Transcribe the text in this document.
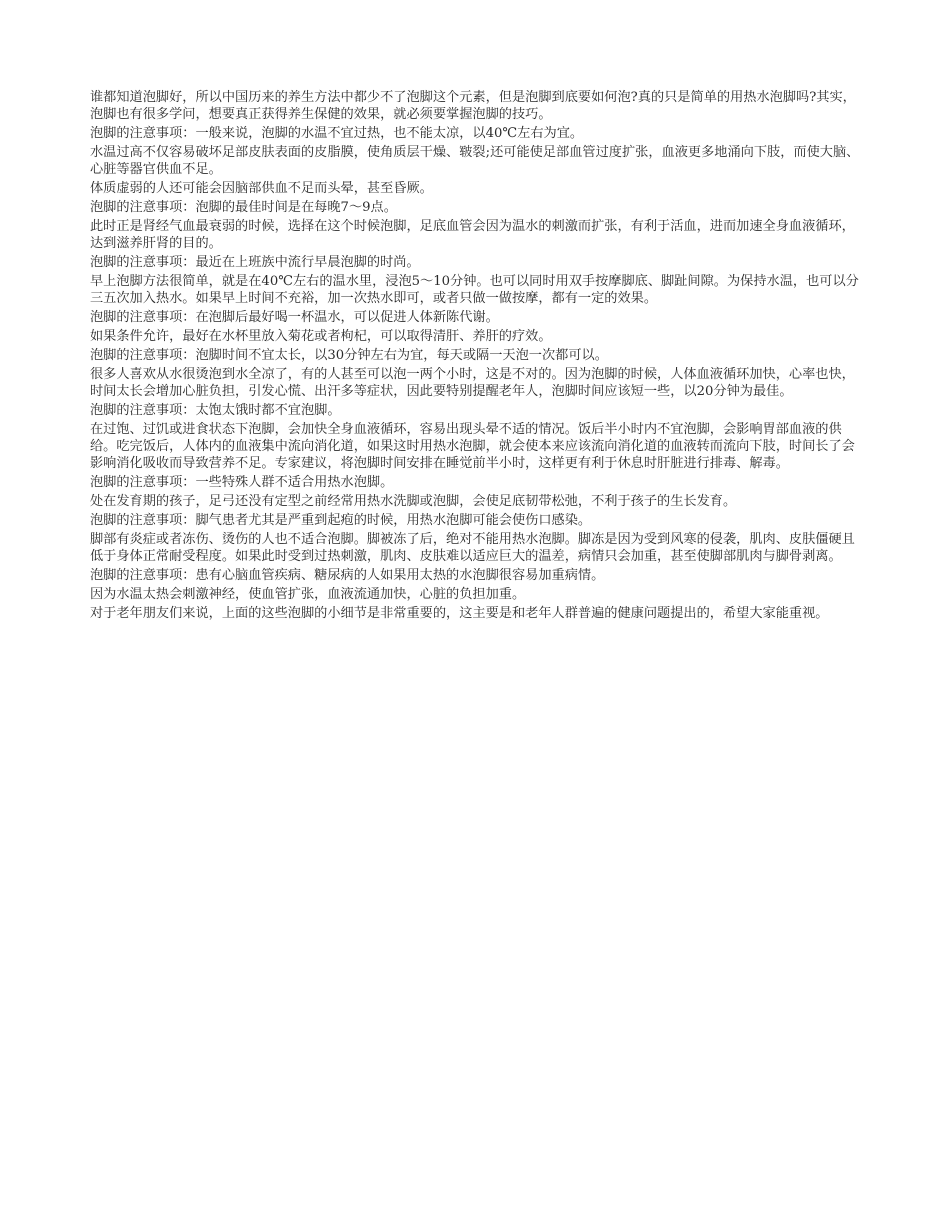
谁都知道泡脚好，所以中国历来的养生方法中都少不了泡脚这个元素，但是泡脚到底要如何泡?真的只是简单的用热水泡脚吗?其实，泡脚也有很多学问，想要真正获得养生保健的效果，就必须要掌握泡脚的技巧。

泡脚的注意事项：一般来说，泡脚的水温不宜过热，也不能太凉，以40℃左右为宜。

水温过高不仅容易破坏足部皮肤表面的皮脂膜，使角质层干燥、皲裂;还可能使足部血管过度扩张，血液更多地涌向下肢，而使大脑、心脏等器官供血不足。

体质虚弱的人还可能会因脑部供血不足而头晕，甚至昏厥。

泡脚的注意事项：泡脚的最佳时间是在每晚7～9点。

此时正是肾经气血最衰弱的时候，选择在这个时候泡脚，足底血管会因为温水的刺激而扩张，有利于活血，进而加速全身血液循环，达到滋养肝肾的目的。

泡脚的注意事项：最近在上班族中流行早晨泡脚的时尚。

早上泡脚方法很简单，就是在40℃左右的温水里，浸泡5～10分钟。也可以同时用双手按摩脚底、脚趾间隙。为保持水温，也可以分三五次加入热水。如果早上时间不充裕，加一次热水即可，或者只做一做按摩，都有一定的效果。

泡脚的注意事项：在泡脚后最好喝一杯温水，可以促进人体新陈代谢。

如果条件允许，最好在水杯里放入菊花或者枸杞，可以取得清肝、养肝的疗效。

泡脚的注意事项：泡脚时间不宜太长，以30分钟左右为宜，每天或隔一天泡一次都可以。

很多人喜欢从水很烫泡到水全凉了，有的人甚至可以泡一两个小时，这是不对的。因为泡脚的时候，人体血液循环加快，心率也快，时间太长会增加心脏负担，引发心慌、出汗多等症状，因此要特别提醒老年人，泡脚时间应该短一些，以20分钟为最佳。

泡脚的注意事项：太饱太饿时都不宜泡脚。

在过饱、过饥或进食状态下泡脚，会加快全身血液循环，容易出现头晕不适的情况。饭后半小时内不宜泡脚，会影响胃部血液的供给。吃完饭后，人体内的血液集中流向消化道，如果这时用热水泡脚，就会使本来应该流向消化道的血液转而流向下肢，时间长了会影响消化吸收而导致营养不足。专家建议，将泡脚时间安排在睡觉前半小时，这样更有利于休息时肝脏进行排毒、解毒。

泡脚的注意事项：一些特殊人群不适合用热水泡脚。

处在发育期的孩子，足弓还没有定型之前经常用热水洗脚或泡脚，会使足底韧带松弛，不利于孩子的生长发育。

泡脚的注意事项：脚气患者尤其是严重到起疱的时候，用热水泡脚可能会使伤口感染。

脚部有炎症或者冻伤、烫伤的人也不适合泡脚。脚被冻了后，绝对不能用热水泡脚。脚冻是因为受到风寒的侵袭，肌肉、皮肤僵硬且低于身体正常耐受程度。如果此时受到过热刺激，肌肉、皮肤难以适应巨大的温差，病情只会加重，甚至使脚部肌肉与脚骨剥离。

泡脚的注意事项：患有心脑血管疾病、糖尿病的人如果用太热的水泡脚很容易加重病情。

因为水温太热会刺激神经，使血管扩张，血液流通加快，心脏的负担加重。

对于老年朋友们来说，上面的这些泡脚的小细节是非常重要的，这主要是和老年人群普遍的健康问题提出的，希望大家能重视。
